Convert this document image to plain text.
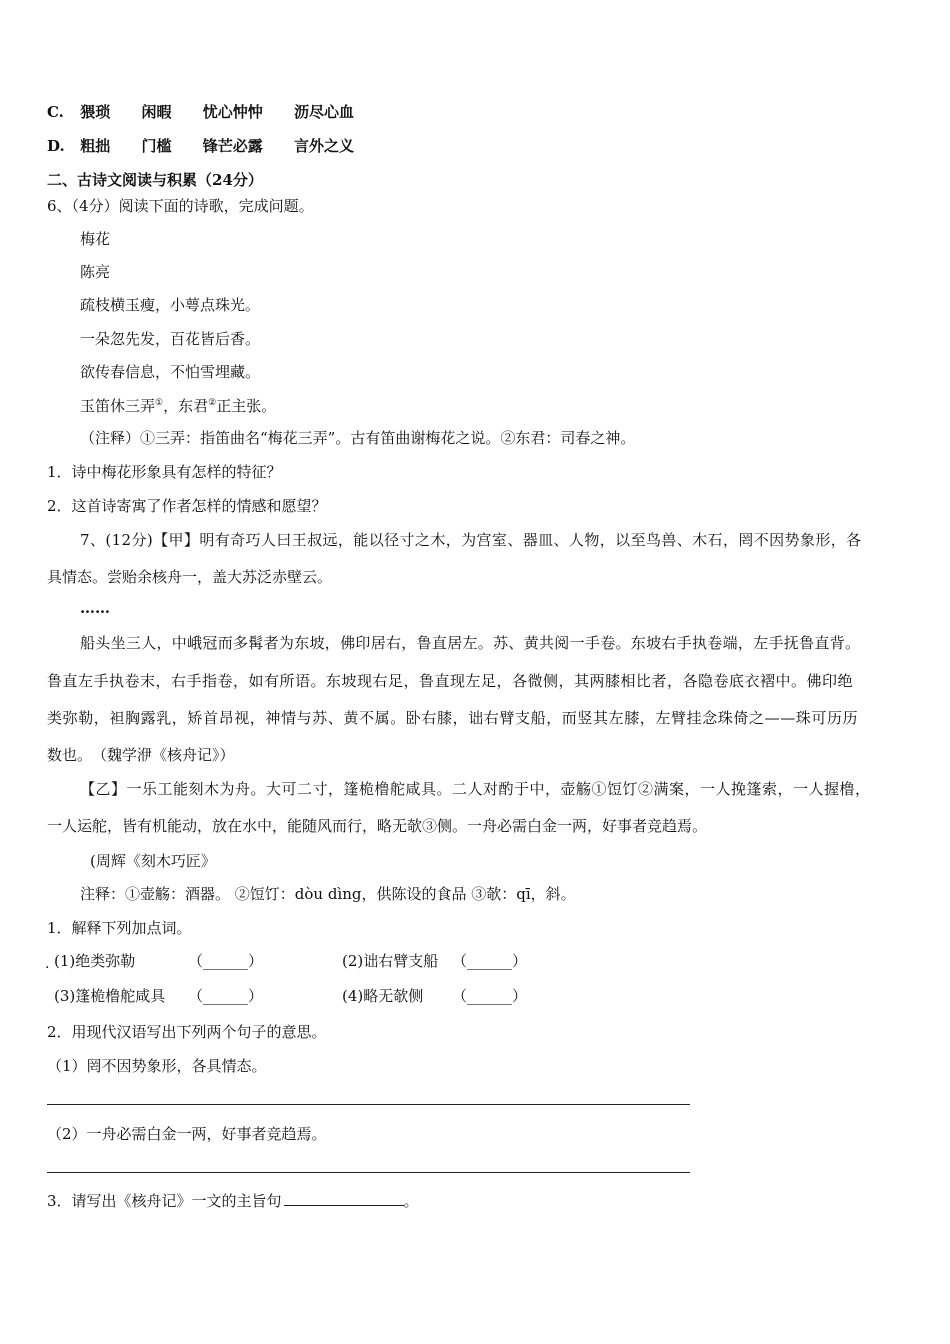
C. 猥琐 闲暇 忧心忡忡 沥尽心血
D. 粗拙 门槛 锋芒必露 言外之义
二、古诗文阅读与积累（24分）
6、（4分）阅读下面的诗歌，完成问题。
梅花
陈亮
疏枝横玉瘦，小萼点珠光。
一朵忽先发，百花皆后香。
欲传春信息，不怕雪埋藏。
玉笛休三弄①，东君②正主张。
（注释）①三弄：指笛曲名“梅花三弄”。古有笛曲谢梅花之说。②东君：司春之神。
1．诗中梅花形象具有怎样的特征？
2．这首诗寄寓了作者怎样的情感和愿望？
7、(12分)【甲】明有奇巧人曰王叔远，能以径寸之木，为宫室、器皿、人物，以至鸟兽、木石，罔不因势象形，各
具情态。尝贻余核舟一，盖大苏泛赤壁云。
……
船头坐三人，中峨冠而多髯者为东坡，佛印居右，鲁直居左。苏、黄共阅一手卷。东坡右手执卷端，左手抚鲁直背。
鲁直左手执卷末，右手指卷，如有所语。东坡现右足，鲁直现左足，各微侧，其两膝相比者，各隐卷底衣褶中。佛印绝
类弥勒，袒胸露乳，矫首昂视，神情与苏、黄不属。卧右膝，诎右臂支船，而竖其左膝，左臂挂念珠倚之——珠可历历
数也。　（魏学洢《核舟记》）
【乙】一乐工能刻木为舟。大可二寸，篷桅橹舵咸具。二人对酌于中，壶觞①饾饤②满案，一人挽篷索，一人握橹，
一人运舵，皆有机能动，放在水中，能随风而行，略无欹③侧。一舟必需白金一两，好事者竞趋焉。
(周辉《刻木巧匠》
注释：①壶觞：酒器。 ②饾饤：dòu dìng，供陈设的食品 ③欹：qī，斜。
1．解释下列加点词。
. (1)绝类弥勒	（______）	(2)诎右臂支船 （______）
(3)篷桅橹舵咸具 （______）	(4)略无欹侧 （______）
2．用现代汉语写出下列两个句子的意思。
（1）罔不因势象形，各具情态。
（2）一舟必需白金一两，好事者竞趋焉。
3．请写出《核舟记》一文的主旨句	。
